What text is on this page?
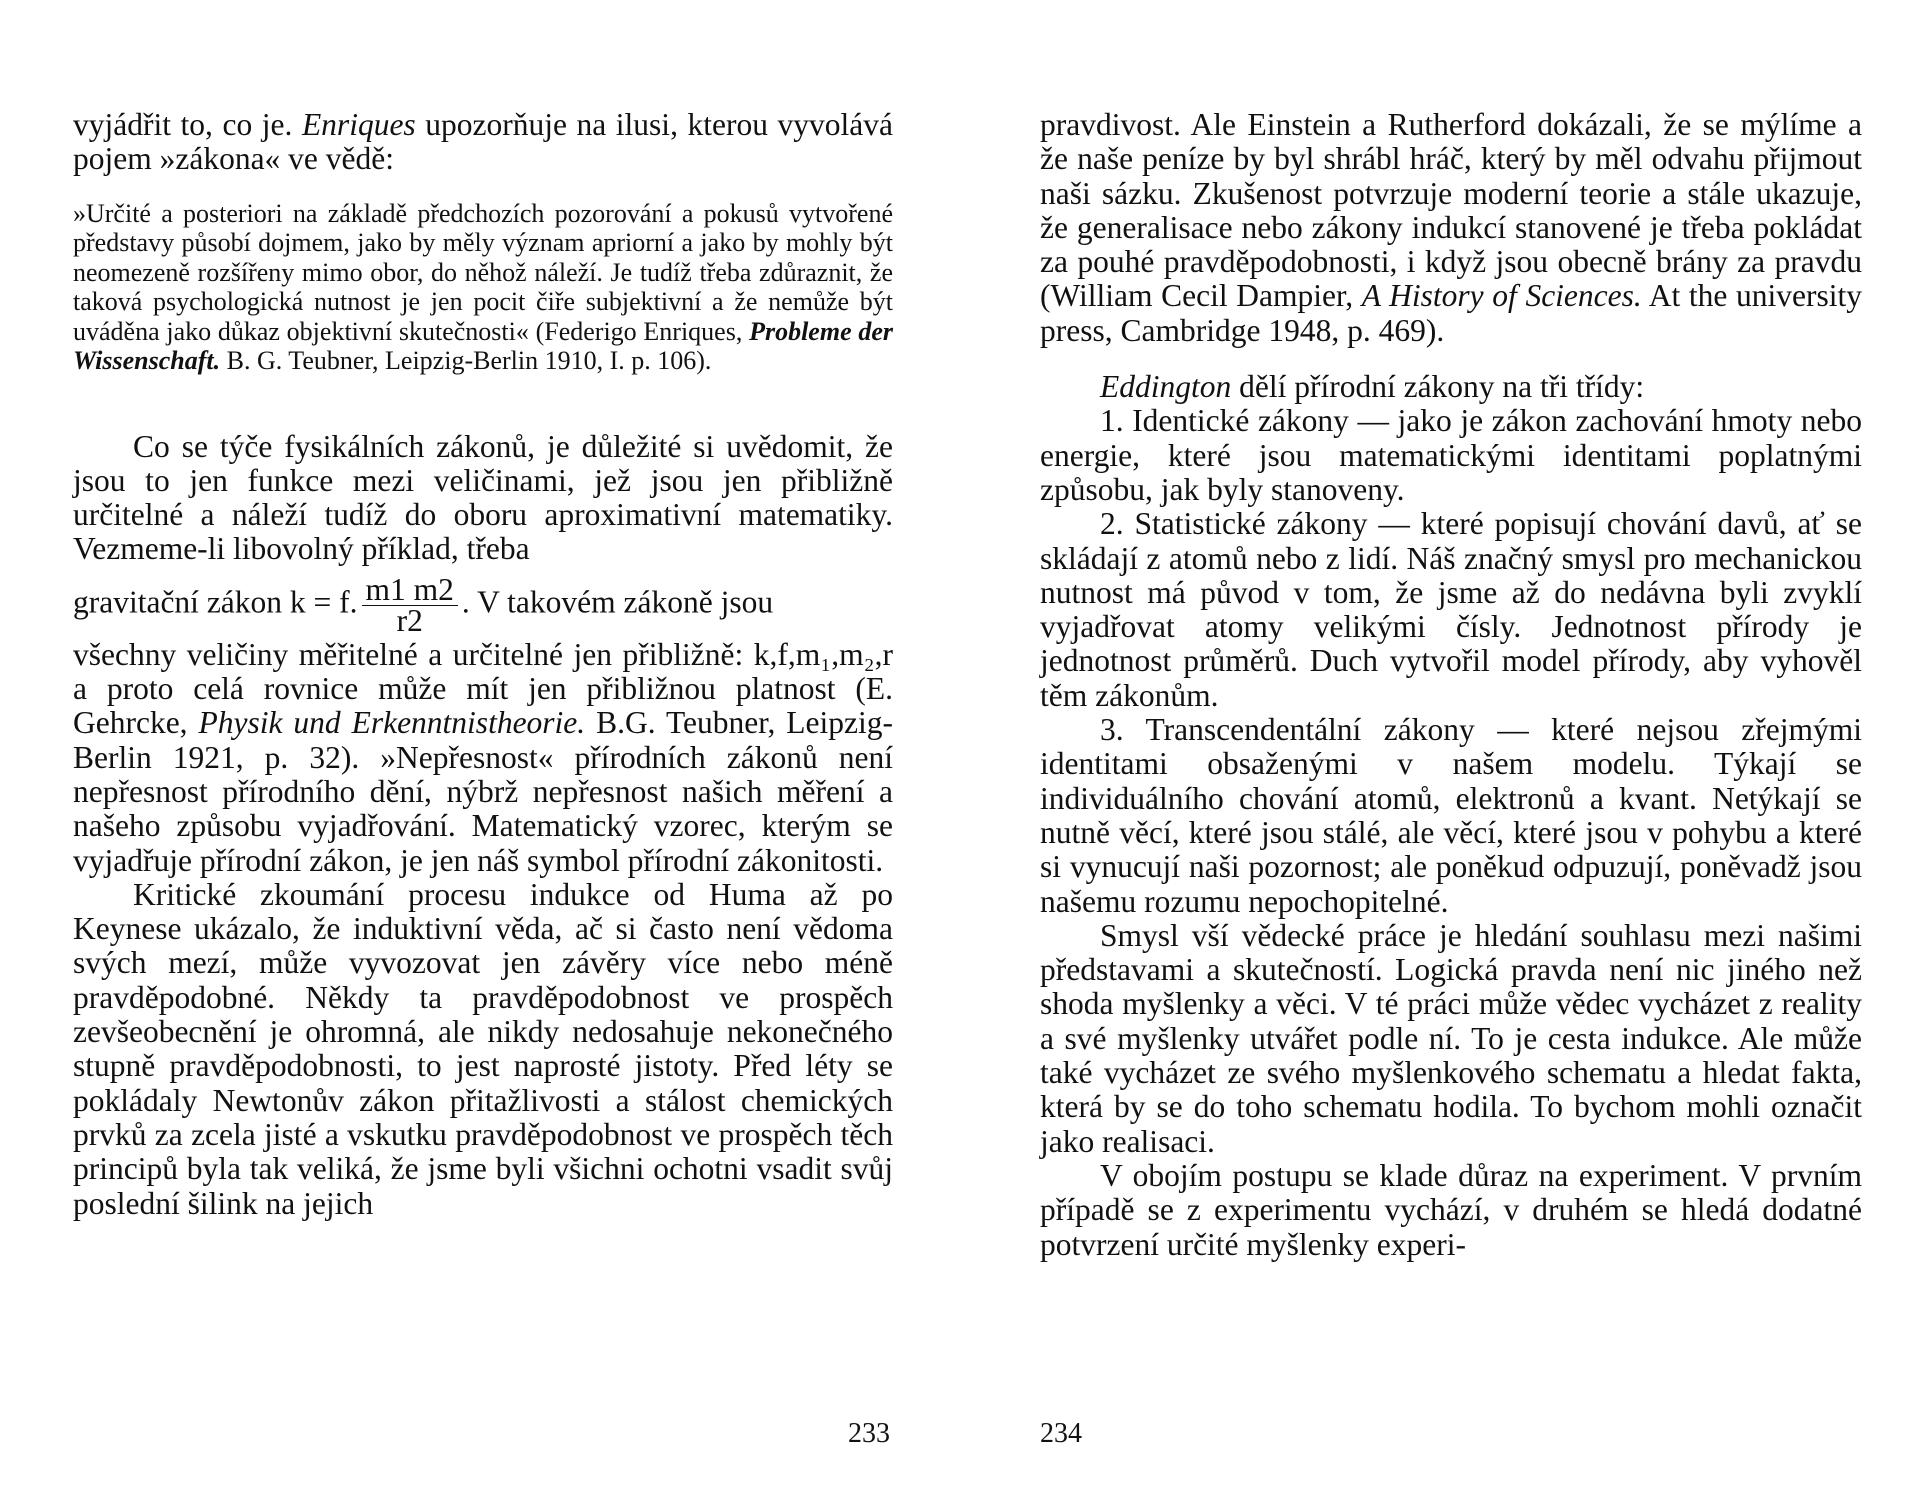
vyjádřit to, co je. Enriques upozorňuje na ilusi, kterou vyvolává pojem »zákona« ve vědě:

»Určité a posteriori na základě předchozích pozorování a pokusů vytvořené představy působí dojmem, jako by měly význam apriorní a jako by mohly být neomezeně rozšířeny mimo obor, do něhož náleží. Je tudíž třeba zdůraznit, že taková psychologická nutnost je jen pocit čiře subjektivní a že nemůže být uváděna jako důkaz objektivní skutečnosti« (Federigo Enriques, Probleme der Wissenschaft. B. G. Teubner, Leipzig-Berlin 1910, I. p. 106).

Co se týče fysikálních zákonů, je důležité si uvědomit, že jsou to jen funkce mezi veličinami, jež jsou jen přibližně určitelné a náleží tudíž do oboru aproximativní matematiky. Vezmeme-li libovolný příklad, třeba

gravitační zákon k = f. $\frac{m1 m2}{r2}$ . V takovém zákoně jsou

všechny veličiny měřitelné a určitelné jen přibližně: k,f,m₁,m₂,r a proto celá rovnice může mít jen přibližnou platnost (E. Gehrcke, Physik und Erkenntnistheorie. B.G. Teubner, Leipzig-Berlin 1921, p. 32). »Nepřesnost« přírodních zákonů není nepřesnost přírodního dění, nýbrž nepřesnost našich měření a našeho způsobu vyjadřování. Matematický vzorec, kterým se vyjadřuje přírodní zákon, je jen náš symbol přírodní zákonitosti.

Kritické zkoumání procesu indukce od Huma až po Keynese ukázalo, že induktivní věda, ač si často není vědoma svých mezí, může vyvozovat jen závěry více nebo méně pravděpodobné. Někdy ta pravděpodobnost ve prospěch zevšeobecnění je ohromná, ale nikdy nedosahuje nekonečného stupně pravděpodobnosti, to jest naprosté jistoty. Před léty se pokládaly Newtonův zákon přitažlivosti a stálost chemických prvků za zcela jisté a vskutku pravděpodobnost ve prospěch těch principů byla tak veliká, že jsme byli všichni ochotni vsadit svůj poslední šilink na jejich

233

pravdivost. Ale Einstein a Rutherford dokázali, že se mýlíme a že naše peníze by byl shrábl hráč, který by měl odvahu přijmout naši sázku. Zkušenost potvrzuje moderní teorie a stále ukazuje, že generalisace nebo zákony indukcí stanovené je třeba pokládat za pouhé pravděpodobnosti, i když jsou obecně brány za pravdu (William Cecil Dampier, A History of Sciences. At the university press, Cambridge 1948, p. 469).

Eddington dělí přírodní zákony na tři třídy:

1. Identické zákony — jako je zákon zachování hmoty nebo energie, které jsou matematickými identitami poplatnými způsobu, jak byly stanoveny.

2. Statistické zákony — které popisují chování davů, ať se skládají z atomů nebo z lidí. Náš značný smysl pro mechanickou nutnost má původ v tom, že jsme až do nedávna byli zvyklí vyjadřovat atomy velikými čísly. Jednotnost přírody je jednotnost průměrů. Duch vytvořil model přírody, aby vyhověl těm zákonům.

3. Transcendentální zákony — které nejsou zřejmými identitami obsaženými v našem modelu. Týkají se individuálního chování atomů, elektronů a kvant. Netýkají se nutně věcí, které jsou stálé, ale věcí, které jsou v pohybu a které si vynucují naši pozornost; ale poněkud odpuzují, poněvadž jsou našemu rozumu nepochopitelné.

Smysl vší vědecké práce je hledání souhlasu mezi našimi představami a skutečností. Logická pravda není nic jiného než shoda myšlenky a věci. V té práci může vědec vycházet z reality a své myšlenky utvářet podle ní. To je cesta indukce. Ale může také vycházet ze svého myšlenkového schematu a hledat fakta, která by se do toho schematu hodila. To bychom mohli označit jako realisaci.

V obojím postupu se klade důraz na experiment. V prvním případě se z experimentu vychází, v druhém se hledá dodatné potvrzení určité myšlenky experi-

234
